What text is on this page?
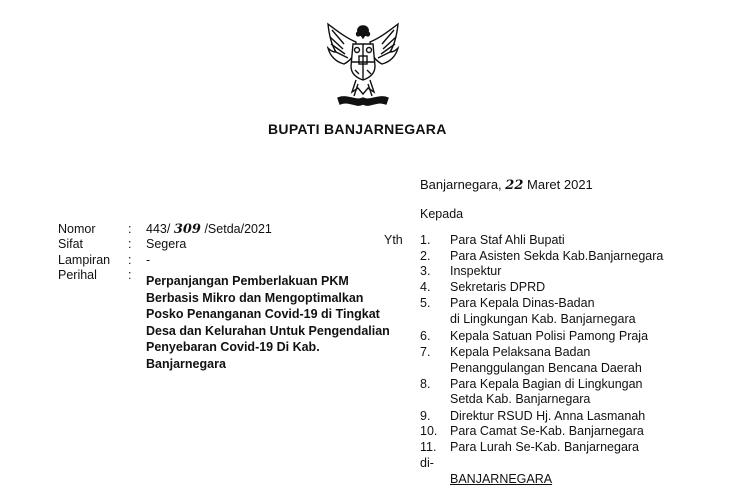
BUPATI BANJARNEGARA
Banjarnegara, 22 Maret 2021
Kepada
Nomor	: 443/ 309 /Setda/2021
Sifat	: Segera
Lampiran : -
Perihal : Perpanjangan Pemberlakuan PKM Berbasis Mikro dan Mengoptimalkan Posko Penanganan Covid-19 di Tingkat Desa dan Kelurahan Untuk Pengendalian Penyebaran Covid-19 Di Kab. Banjarnegara
Yth 1.	Para Staf Ahli Bupati
2.	Para Asisten Sekda Kab.Banjarnegara
3.	Inspektur
4.	Sekretaris DPRD
5.	Para Kepala Dinas-Badan
di Lingkungan Kab. Banjarnegara
6.	Kepala Satuan Polisi Pamong Praja
7.	Kepala Pelaksana Badan
Penanggulangan Bencana Daerah
8.	Para Kepala Bagian di Lingkungan
Setda Kab. Banjarnegara
9.	Direktur RSUD Hj. Anna Lasmanah
10.	Para Camat Se-Kab. Banjarnegara
11.	Para Lurah Se-Kab. Banjarnegara
di-
BANJARNEGARA
